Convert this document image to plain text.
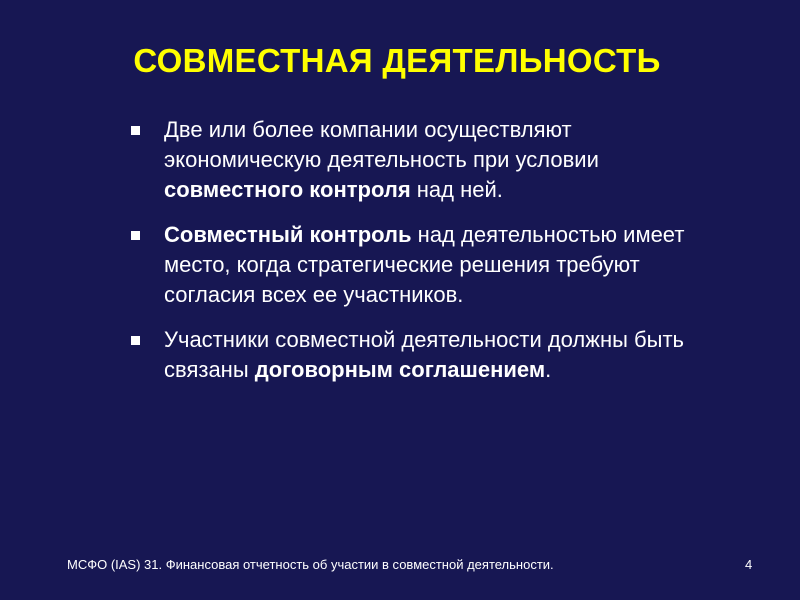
СОВМЕСТНАЯ ДЕЯТЕЛЬНОСТЬ
Две или более компании осуществляют экономическую деятельность при условии совместного контроля над ней.
Совместный контроль над деятельностью имеет место, когда стратегические решения требуют согласия всех ее участников.
Участники совместной деятельности должны быть связаны договорным соглашением.
МСФО (IAS) 31. Финансовая отчетность об участии в совместной деятельности.	4
